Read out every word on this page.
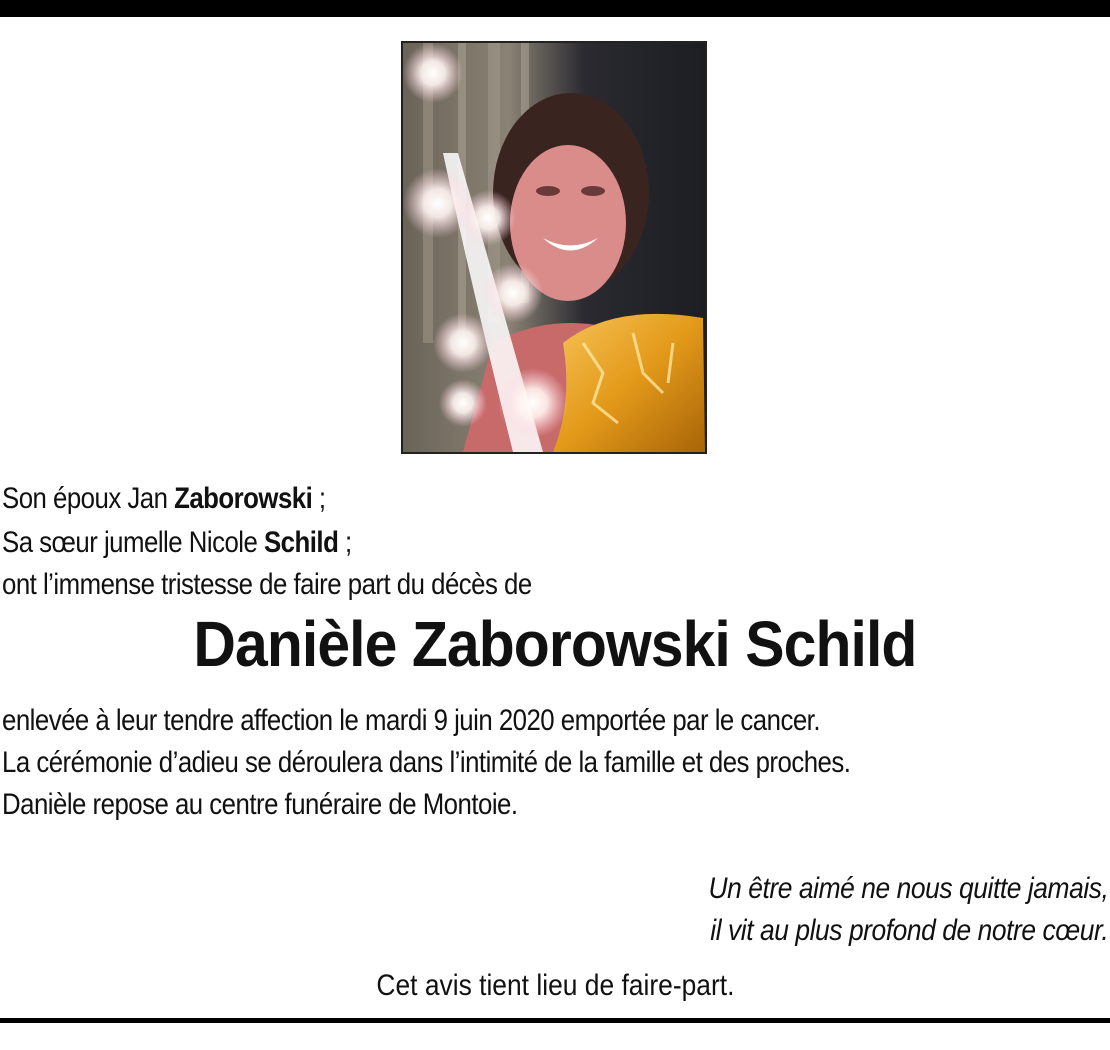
Son époux Jan Zaborowski ;
Sa sœur jumelle Nicole Schild ;
ont l’immense tristesse de faire part du décès de
Danièle Zaborowski Schild
enlevée à leur tendre affection le mardi 9 juin 2020 emportée par le cancer.
La cérémonie d’adieu se déroulera dans l’intimité de la famille et des proches.
Danièle repose au centre funéraire de Montoie.
Un être aimé ne nous quitte jamais,
il vit au plus profond de notre cœur.
Cet avis tient lieu de faire-part.
